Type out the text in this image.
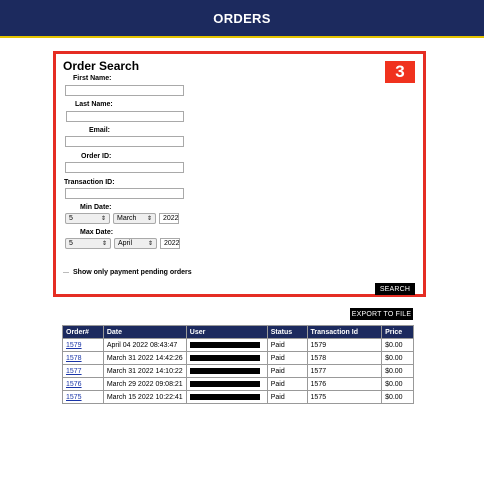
ORDERS
Order Search	3
First Name:
Last Name:
Email:
Order ID:
Transaction ID:
Min Date:
5	⇕ March ⇕	2022
Max Date:
5	⇕ April	⇕	2022
Show only payment pending orders
SEARCH
EXPORT TO FILE
Order#	Date	User	Status	Transaction Id	Price
1579	April 04 2022 08:43:47		Paid	1579	$0.00
1578	March 31 2022 14:42:26		Paid	1578	$0.00
1577	March 31 2022 14:10:22		Paid	1577	$0.00
1576	March 29 2022 09:08:21		Paid	1576	$0.00
1575	March 15 2022 10:22:41		Paid	1575	$0.00
